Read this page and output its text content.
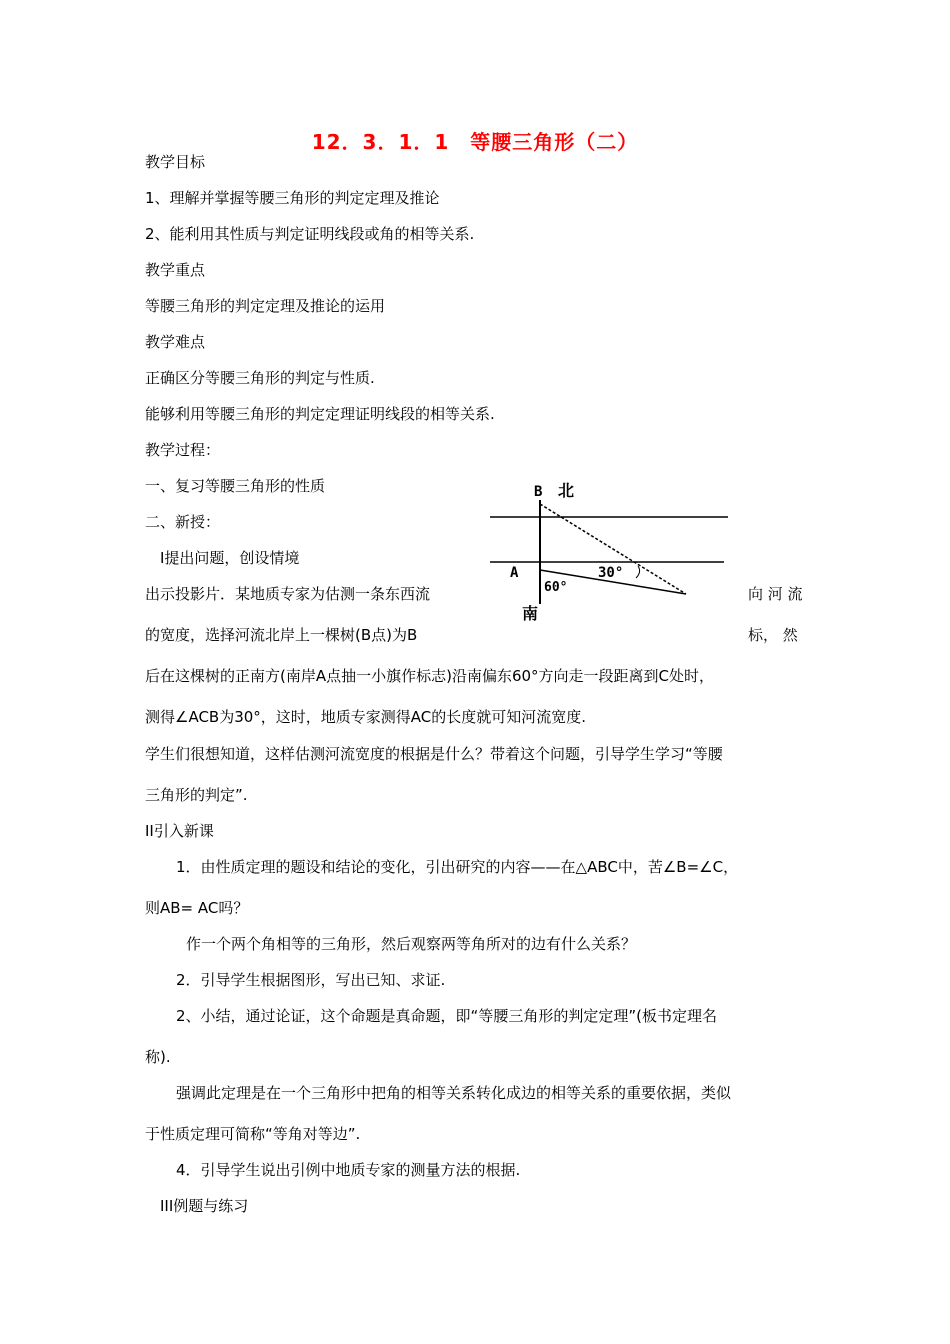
12．3．1．1　等腰三角形（二）

教学目标

1、理解并掌握等腰三角形的判定定理及推论

2、能利用其性质与判定证明线段或角的相等关系.

教学重点

等腰三角形的判定定理及推论的运用

教学难点

正确区分等腰三角形的判定与性质.

能够利用等腰三角形的判定定理证明线段的相等关系.

教学过程：

一、复习等腰三角形的性质

二、新授：

I提出问题，创设情境

出示投影片．某地质专家为估测一条东西流	向 河 流
的宽度，选择河流北岸上一棵树(B点)为B	标， 然

后在这棵树的正南方(南岸A点抽一小旗作标志)沿南偏东60°方向走一段距离到C处时，

测得∠ACB为30°，这时，地质专家测得AC的长度就可知河流宽度.

学生们很想知道，这样估测河流宽度的根据是什么？带着这个问题，引导学生学习“等腰

三角形的判定”.

II引入新课

1．由性质定理的题设和结论的变化，引出研究的内容——在△ABC中，苦∠B=∠C，

则AB= AC吗？

作一个两个角相等的三角形，然后观察两等角所对的边有什么关系？

2．引导学生根据图形，写出已知、求证.

2、小结，通过论证，这个命题是真命题，即“等腰三角形的判定定理”(板书定理名

称).

强调此定理是在一个三角形中把角的相等关系转化成边的相等关系的重要依据，类似

于性质定理可简称“等角对等边”.

4．引导学生说出引例中地质专家的测量方法的根据.

III例题与练习

B 北
A
60°
30°
南
